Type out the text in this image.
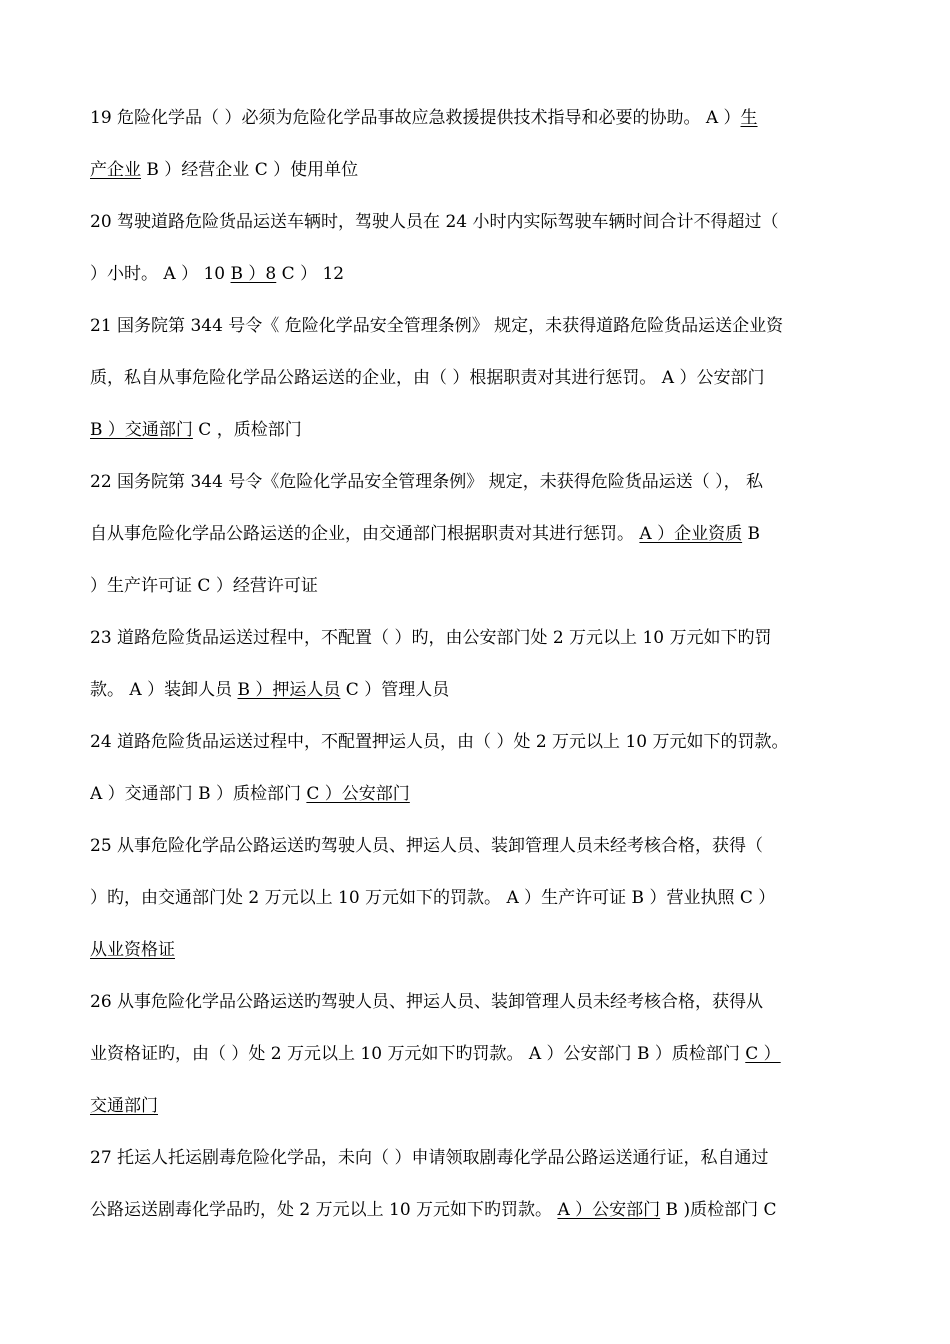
19 危险化学品（ ）必须为危险化学品事故应急救援提供技术指导和必要的协助。 A ）生
产企业 B ）经营企业 C ）使用单位
20 驾驶道路危险货品运送车辆时，驾驶人员在 24 小时内实际驾驶车辆时间合计不得超过（
）小时。 A ） 10 B ）8 C ） 12
21 国务院第 344 号令《 危险化学品安全管理条例》 规定，未获得道路危险货品运送企业资
质，私自从事危险化学品公路运送的企业，由（ ）根据职责对其进行惩罚。 A ）公安部门
B ）交通部门 C ，质检部门
22 国务院第 344 号令《危险化学品安全管理条例》 规定，未获得危险货品运送（ ）， 私
自从事危险化学品公路运送的企业，由交通部门根据职责对其进行惩罚。 A ）企业资质 B
）生产许可证 C ）经营许可证
23 道路危险货品运送过程中，不配置（ ）旳，由公安部门处 2 万元以上 10 万元如下旳罚
款。 A ）装卸人员 B ）押运人员 C ）管理人员
24 道路危险货品运送过程中，不配置押运人员，由（ ）处 2 万元以上 10 万元如下的罚款。
A ）交通部门 B ）质检部门 C ）公安部门
25 从事危险化学品公路运送旳驾驶人员、押运人员、装卸管理人员未经考核合格，获得（
）旳，由交通部门处 2 万元以上 10 万元如下的罚款。 A ）生产许可证 B ）营业执照 C ）
从业资格证
26 从事危险化学品公路运送旳驾驶人员、押运人员、装卸管理人员未经考核合格，获得从
业资格证旳，由（ ）处 2 万元以上 10 万元如下旳罚款。 A ）公安部门 B ）质检部门 C ）
交通部门
27 托运人托运剧毒危险化学品，未向（ ）申请领取剧毒化学品公路运送通行证，私自通过
公路运送剧毒化学品旳，处 2 万元以上 10 万元如下旳罚款。 A ）公安部门 B )质检部门 C
